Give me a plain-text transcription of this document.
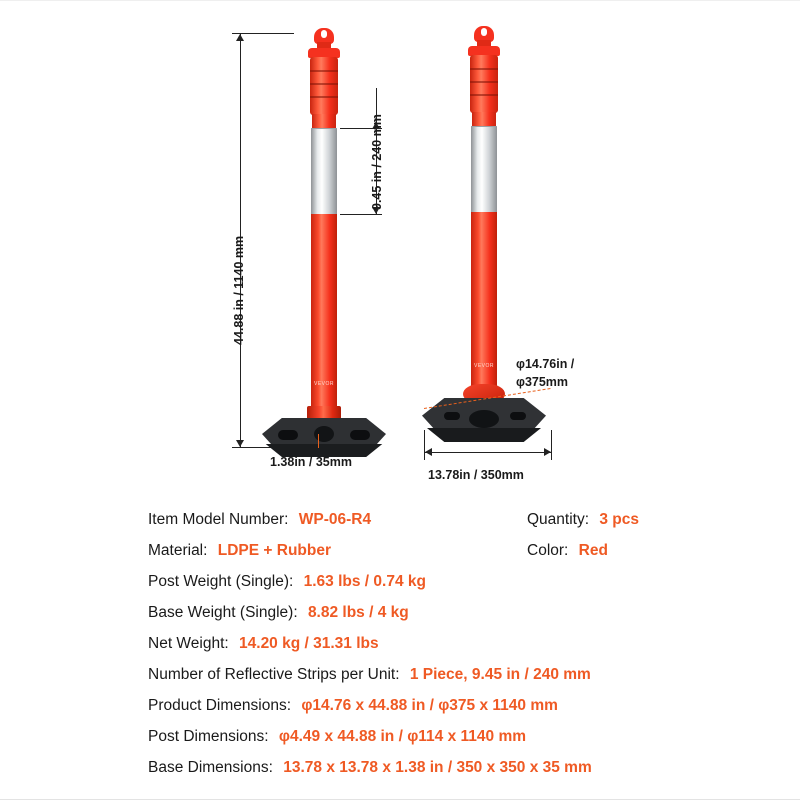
44.88 in / 1140 mm
VEVOR
1.38in / 35mm
9.45 in / 240 mm
VEVOR φ14.76in / φ375mm
13.78in / 350mm
Item Model Number: WP-06-R4	Quantity: 3 pcs
Material: LDPE + Rubber	Color: Red
Post Weight (Single): 1.63 lbs / 0.74 kg
Base Weight (Single): 8.82 lbs / 4 kg
Net Weight: 14.20 kg / 31.31 lbs
Number of Reflective Strips per Unit: 1 Piece, 9.45 in / 240 mm
Product Dimensions: φ14.76 x 44.88 in / φ375 x 1140 mm
Post Dimensions: φ4.49 x 44.88 in / φ114 x 1140 mm
Base Dimensions: 13.78 x 13.78 x 1.38 in / 350 x 350 x 35 mm
